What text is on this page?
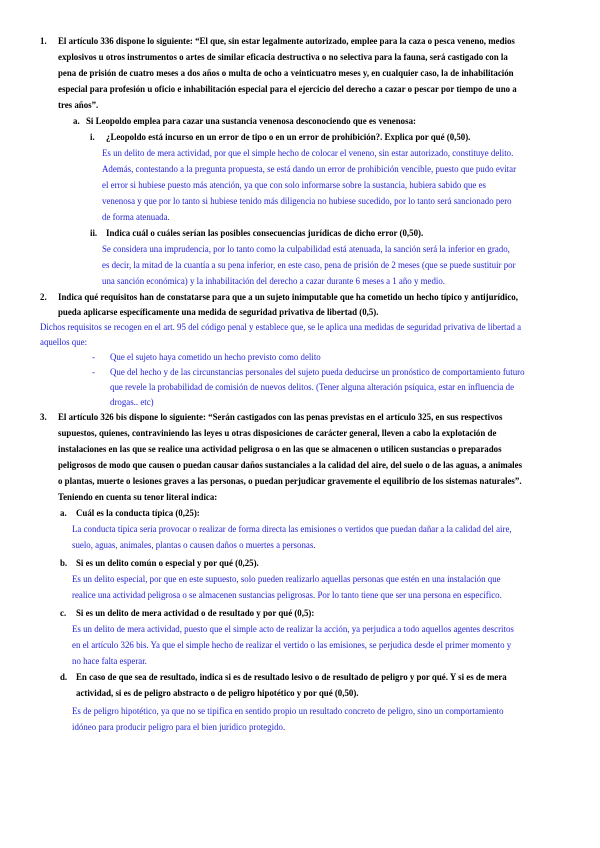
1. El artículo 336 dispone lo siguiente: “El que, sin estar legalmente autorizado, emplee para la caza o pesca veneno, medios
explosivos u otros instrumentos o artes de similar eficacia destructiva o no selectiva para la fauna, será castigado con la
pena de prisión de cuatro meses a dos años o multa de ocho a veinticuatro meses y, en cualquier caso, la de inhabilitación
especial para profesión u oficio e inhabilitación especial para el ejercicio del derecho a cazar o pescar por tiempo de uno a
tres años”.
a. Si Leopoldo emplea para cazar una sustancia venenosa desconociendo que es venenosa:
i. ¿Leopoldo está incurso en un error de tipo o en un error de prohibición?. Explica por qué (0,50).
Es un delito de mera actividad, por que el simple hecho de colocar el veneno, sin estar autorizado, constituye delito.
Además, contestando a la pregunta propuesta, se está dando un error de prohibición vencible, puesto que pudo evitar
el error si hubiese puesto más atención, ya que con solo informarse sobre la sustancia, hubiera sabido que es
venenosa y que por lo tanto si hubiese tenido más diligencia no hubiese sucedido, por lo tanto será sancionado pero
de forma atenuada.
ii. Indica cuál o cuáles serían las posibles consecuencias jurídicas de dicho error (0,50).
Se considera una imprudencia, por lo tanto como la culpabilidad está atenuada, la sanción será la inferior en grado,
es decir, la mitad de la cuantía a su pena inferior, en este caso, pena de prisión de 2 meses (que se puede sustituir por
una sanción económica) y la inhabilitación del derecho a cazar durante 6 meses a 1 año y medio.
2. Indica qué requisitos han de constatarse para que a un sujeto inimputable que ha cometido un hecho típico y antijurídico,
pueda aplicarse específicamente una medida de seguridad privativa de libertad (0,5).
Dichos requisitos se recogen en el art. 95 del código penal y establece que, se le aplica una medidas de seguridad privativa de libertad a
aquellos que:
- Que el sujeto haya cometido un hecho previsto como delito
- Que del hecho y de las circunstancias personales del sujeto pueda deducirse un pronóstico de comportamiento futuro
que revele la probabilidad de comisión de nuevos delitos. (Tener alguna alteración psíquica, estar en influencia de
drogas.. etc)
3. El artículo 326 bis dispone lo siguiente: “Serán castigados con las penas previstas en el artículo 325, en sus respectivos
supuestos, quienes, contraviniendo las leyes u otras disposiciones de carácter general, lleven a cabo la explotación de
instalaciones en las que se realice una actividad peligrosa o en las que se almacenen o utilicen sustancias o preparados
peligrosos de modo que causen o puedan causar daños sustanciales a la calidad del aire, del suelo o de las aguas, a animales
o plantas, muerte o lesiones graves a las personas, o puedan perjudicar gravemente el equilibrio de los sistemas naturales”.
Teniendo en cuenta su tenor literal indica:
a. Cuál es la conducta típica (0,25):
La conducta típica sería provocar o realizar de forma directa las emisiones o vertidos que puedan dañar a la calidad del aire,
suelo, aguas, animales, plantas o causen daños o muertes a personas.
b. Si es un delito común o especial y por qué (0,25).
Es un delito especial, por que en este supuesto, solo pueden realizarlo aquellas personas que estén en una instalación que
realice una actividad peligrosa o se almacenen sustancias peligrosas. Por lo tanto tiene que ser una persona en específico.
c. Si es un delito de mera actividad o de resultado y por qué (0,5):
Es un delito de mera actividad, puesto que el simple acto de realizar la acción, ya perjudica a todo aquellos agentes descritos
en el artículo 326 bis. Ya que el simple hecho de realizar el vertido o las emisiones, se perjudica desde el primer momento y
no hace falta esperar.
d. En caso de que sea de resultado, indica si es de resultado lesivo o de resultado de peligro y por qué. Y si es de mera
actividad, si es de peligro abstracto o de peligro hipotético y por qué (0,50).
Es de peligro hipotético, ya que no se tipifica en sentido propio un resultado concreto de peligro, sino un comportamiento
idóneo para producir peligro para el bien jurídico protegido.
